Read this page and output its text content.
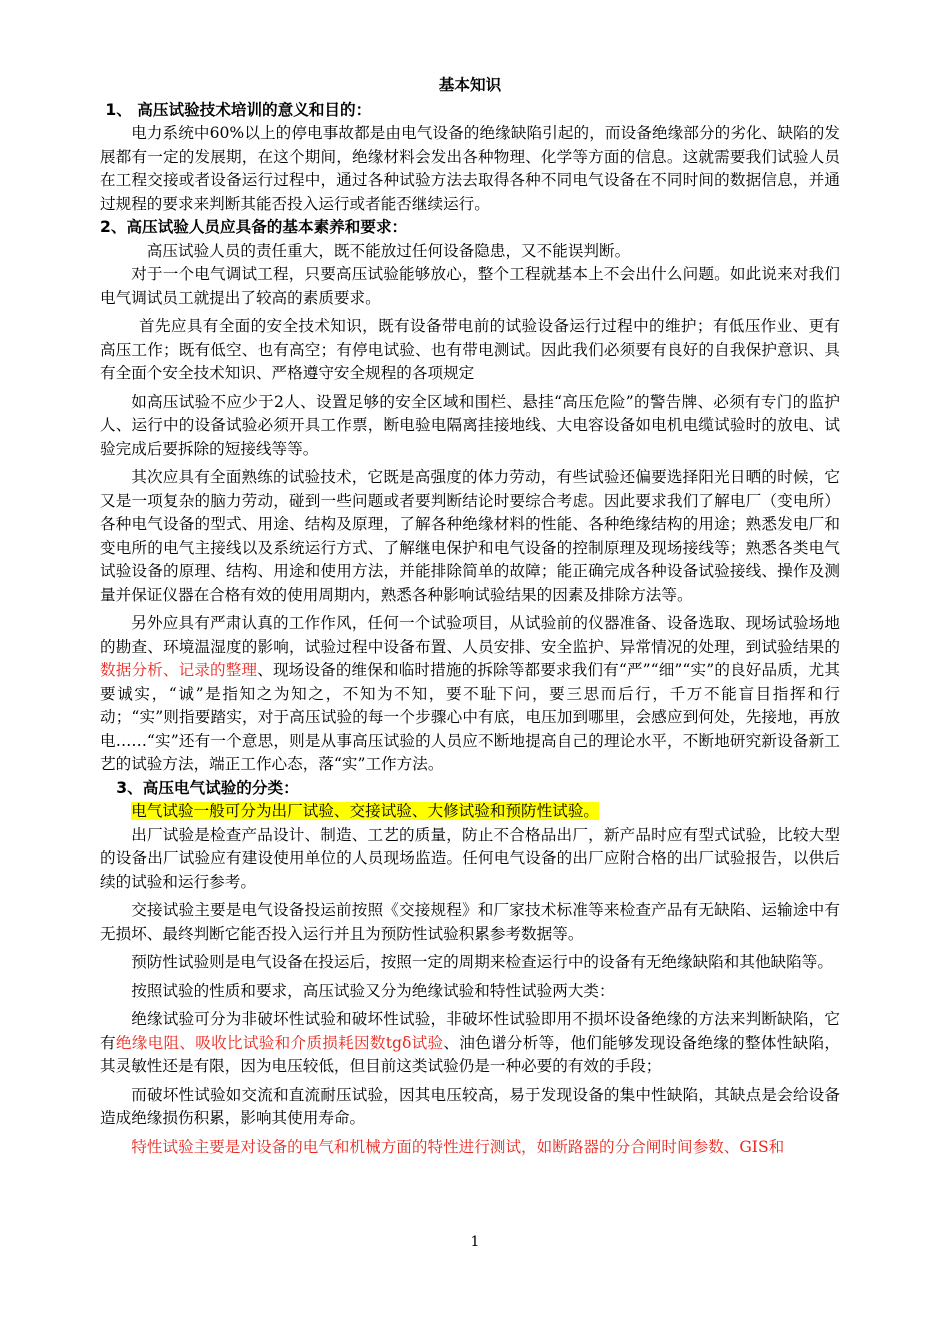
基本知识
1、 高压试验技术培训的意义和目的：

电力系统中60%以上的停电事故都是由电气设备的绝缘缺陷引起的，而设备绝缘部分的劣化、缺陷的发展都有一定的发展期，在这个期间，绝缘材料会发出各种物理、化学等方面的信息。这就需要我们试验人员在工程交接或者设备运行过程中，通过各种试验方法去取得各种不同电气设备在不同时间的数据信息，并通过规程的要求来判断其能否投入运行或者能否继续运行。

2、高压试验人员应具备的基本素养和要求：

高压试验人员的责任重大，既不能放过任何设备隐患，又不能误判断。

对于一个电气调试工程，只要高压试验能够放心，整个工程就基本上不会出什么问题。如此说来对我们电气调试员工就提出了较高的素质要求。

首先应具有全面的安全技术知识，既有设备带电前的试验设备运行过程中的维护；有低压作业、更有高压工作；既有低空、也有高空；有停电试验、也有带电测试。因此我们必须要有良好的自我保护意识、具有全面个安全技术知识、严格遵守安全规程的各项规定

如高压试验不应少于2人、设置足够的安全区域和围栏、悬挂“高压危险”的警告牌、必须有专门的监护人、运行中的设备试验必须开具工作票，断电验电隔离挂接地线、大电容设备如电机电缆试验时的放电、试验完成后要拆除的短接线等等。

其次应具有全面熟练的试验技术，它既是高强度的体力劳动，有些试验还偏要选择阳光日晒的时候，它又是一项复杂的脑力劳动，碰到一些问题或者要判断结论时要综合考虑。因此要求我们了解电厂（变电所）各种电气设备的型式、用途、结构及原理，了解各种绝缘材料的性能、各种绝缘结构的用途；熟悉发电厂和变电所的电气主接线以及系统运行方式、了解继电保护和电气设备的控制原理及现场接线等；熟悉各类电气试验设备的原理、结构、用途和使用方法，并能排除简单的故障；能正确完成各种设备试验接线、操作及测量并保证仪器在合格有效的使用周期内，熟悉各种影响试验结果的因素及排除方法等。

另外应具有严肃认真的工作作风，任何一个试验项目，从试验前的仪器准备、设备选取、现场试验场地的勘查、环境温湿度的影响，试验过程中设备布置、人员安排、安全监护、异常情况的处理，到试验结果的数据分析、记录的整理、现场设备的维保和临时措施的拆除等都要求我们有“严”“细”“实”的良好品质，尤其要诚实，“诚”是指知之为知之，不知为不知，要不耻下问，要三思而后行，千万不能盲目指挥和行动；“实”则指要踏实，对于高压试验的每一个步骤心中有底，电压加到哪里，会感应到何处，先接地，再放电……“实”还有一个意思，则是从事高压试验的人员应不断地提高自己的理论水平，不断地研究新设备新工艺的试验方法，端正工作心态，落“实”工作方法。

3、高压电气试验的分类：

电气试验一般可分为出厂试验、交接试验、大修试验和预防性试验。

出厂试验是检查产品设计、制造、工艺的质量，防止不合格品出厂，新产品时应有型式试验，比较大型的设备出厂试验应有建设使用单位的人员现场监造。任何电气设备的出厂应附合格的出厂试验报告，以供后续的试验和运行参考。

交接试验主要是电气设备投运前按照《交接规程》和厂家技术标准等来检查产品有无缺陷、运输途中有无损坏、最终判断它能否投入运行并且为预防性试验积累参考数据等。

预防性试验则是电气设备在投运后，按照一定的周期来检查运行中的设备有无绝缘缺陷和其他缺陷等。

按照试验的性质和要求，高压试验又分为绝缘试验和特性试验两大类：

绝缘试验可分为非破坏性试验和破坏性试验，非破坏性试验即用不损坏设备绝缘的方法来判断缺陷，它有绝缘电阻、吸收比试验和介质损耗因数tgδ试验、油色谱分析等，他们能够发现设备绝缘的整体性缺陷，其灵敏性还是有限，因为电压较低，但目前这类试验仍是一种必要的有效的手段；

而破坏性试验如交流和直流耐压试验，因其电压较高，易于发现设备的集中性缺陷，其缺点是会给设备造成绝缘损伤积累，影响其使用寿命。

特性试验主要是对设备的电气和机械方面的特性进行测试，如断路器的分合闸时间参数、GIS和

1
